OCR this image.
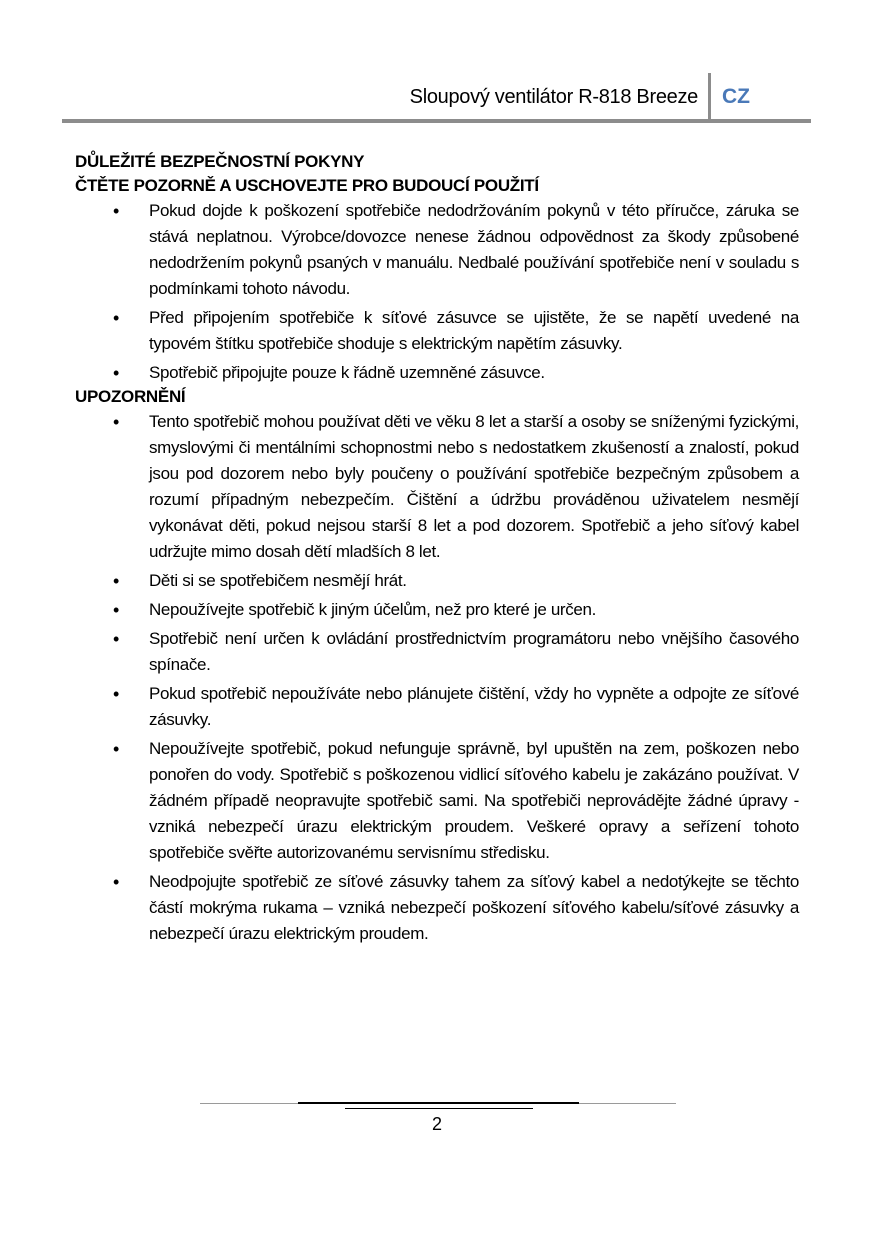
Sloupový ventilátor R-818 Breeze CZ
DŮLEŽITÉ BEZPEČNOSTNÍ POKYNY
ČTĚTE POZORNĚ A USCHOVEJTE PRO BUDOUCÍ POUŽITÍ
• Pokud dojde k poškození spotřebiče nedodržováním pokynů v této příručce, záruka se stává neplatnou. Výrobce/dovozce nenese žádnou odpovědnost za škody způsobené nedodržením pokynů psaných v manuálu. Nedbalé používání spotřebiče není v souladu s podmínkami tohoto návodu.
• Před připojením spotřebiče k síťové zásuvce se ujistěte, že se napětí uvedené na typovém štítku spotřebiče shoduje s elektrickým napětím zásuvky.
• Spotřebič připojujte pouze k řádně uzemněné zásuvce.
UPOZORNĚNÍ
• Tento spotřebič mohou používat děti ve věku 8 let a starší a osoby se sníženými fyzickými, smyslovými či mentálními schopnostmi nebo s nedostatkem zkušeností a znalostí, pokud jsou pod dozorem nebo byly poučeny o používání spotřebiče bezpečným způsobem a rozumí případným nebezpečím. Čištění a údržbu prováděnou uživatelem nesmějí vykonávat děti, pokud nejsou starší 8 let a pod dozorem. Spotřebič a jeho síťový kabel udržujte mimo dosah dětí mladších 8 let.
• Děti si se spotřebičem nesmějí hrát.
• Nepoužívejte spotřebič k jiným účelům, než pro které je určen.
• Spotřebič není určen k ovládání prostřednictvím programátoru nebo vnějšího časového spínače.
• Pokud spotřebič nepoužíváte nebo plánujete čištění, vždy ho vypněte a odpojte ze síťové zásuvky.
• Nepoužívejte spotřebič, pokud nefunguje správně, byl upuštěn na zem, poškozen nebo ponořen do vody. Spotřebič s poškozenou vidlicí síťového kabelu je zakázáno používat. V žádném případě neopravujte spotřebič sami. Na spotřebiči neprovádějte žádné úpravy - vzniká nebezpečí úrazu elektrickým proudem. Veškeré opravy a seřízení tohoto spotřebiče svěřte autorizovanému servisnímu středisku.
• Neodpojujte spotřebič ze síťové zásuvky tahem za síťový kabel a nedotýkejte se těchto částí mokrýma rukama – vzniká nebezpečí poškození síťového kabelu/síťové zásuvky a nebezpečí úrazu elektrickým proudem.
2
